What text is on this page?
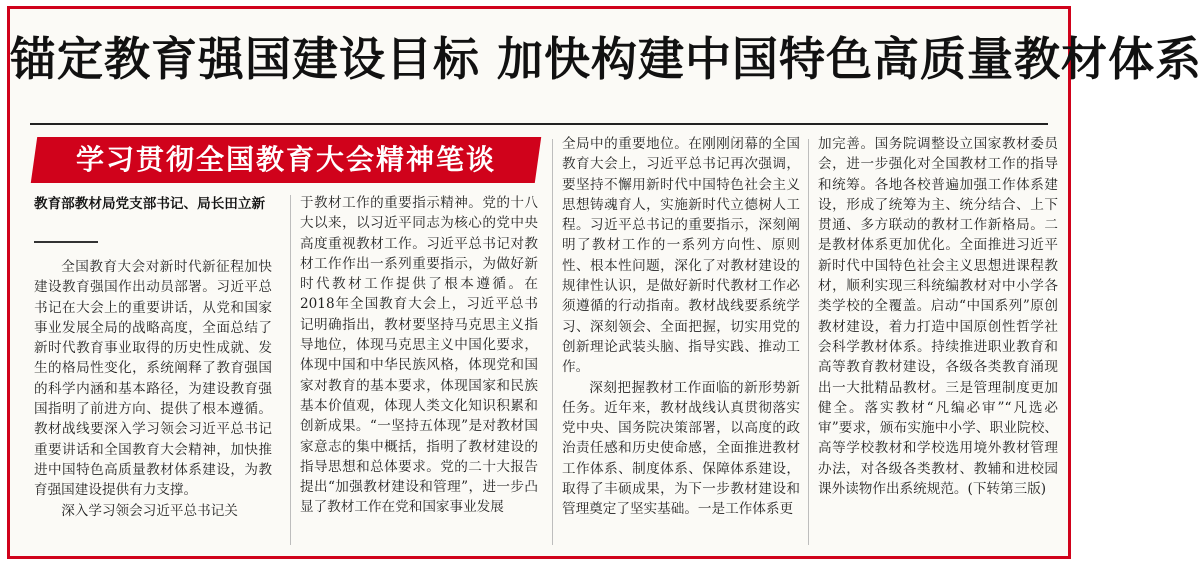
锚定教育强国建设目标 加快构建中国特色高质量教材体系
学习贯彻全国教育大会精神笔谈
教育部教材局党支部书记、局长田立新

全国教育大会对新时代新征程加快建设教育强国作出动员部署。习近平总书记在大会上的重要讲话，从党和国家事业发展全局的战略高度，全面总结了新时代教育事业取得的历史性成就、发生的格局性变化，系统阐释了教育强国的科学内涵和基本路径，为建设教育强国指明了前进方向、提供了根本遵循。教材战线要深入学习领会习近平总书记重要讲话和全国教育大会精神，加快推进中国特色高质量教材体系建设，为教育强国建设提供有力支撑。

深入学习领会习近平总书记关

于教材工作的重要指示精神。党的十八大以来，以习近平同志为核心的党中央高度重视教材工作。习近平总书记对教材工作作出一系列重要指示，为做好新时代教材工作提供了根本遵循。在2018年全国教育大会上，习近平总书记明确指出，教材要坚持马克思主义指导地位，体现马克思主义中国化要求，体现中国和中华民族风格，体现党和国家对教育的基本要求，体现国家和民族基本价值观，体现人类文化知识积累和创新成果。“一坚持五体现”是对教材国家意志的集中概括，指明了教材建设的指导思想和总体要求。党的二十大报告提出“加强教材建设和管理”，进一步凸显了教材工作在党和国家事业发展

全局中的重要地位。在刚刚闭幕的全国教育大会上，习近平总书记再次强调，要坚持不懈用新时代中国特色社会主义思想铸魂育人，实施新时代立德树人工程。习近平总书记的重要指示，深刻阐明了教材工作的一系列方向性、原则性、根本性问题，深化了对教材建设的规律性认识，是做好新时代教材工作必须遵循的行动指南。教材战线要系统学习、深刻领会、全面把握，切实用党的创新理论武装头脑、指导实践、推动工作。

深刻把握教材工作面临的新形势新任务。近年来，教材战线认真贯彻落实党中央、国务院决策部署，以高度的政治责任感和历史使命感，全面推进教材工作体系、制度体系、保障体系建设，取得了丰硕成果，为下一步教材建设和管理奠定了坚实基础。一是工作体系更

加完善。国务院调整设立国家教材委员会，进一步强化对全国教材工作的指导和统筹。各地各校普遍加强工作体系建设，形成了统筹为主、统分结合、上下贯通、多方联动的教材工作新格局。二是教材体系更加优化。全面推进习近平新时代中国特色社会主义思想进课程教材，顺利实现三科统编教材对中小学各类学校的全覆盖。启动“中国系列”原创教材建设，着力打造中国原创性哲学社会科学教材体系。持续推进职业教育和高等教育教材建设，各级各类教育涌现出一大批精品教材。三是管理制度更加健全。落实教材“凡编必审”“凡选必审”要求，颁布实施中小学、职业院校、高等学校教材和学校选用境外教材管理办法，对各级各类教材、教辅和进校园课外读物作出系统规范。(下转第三版)
